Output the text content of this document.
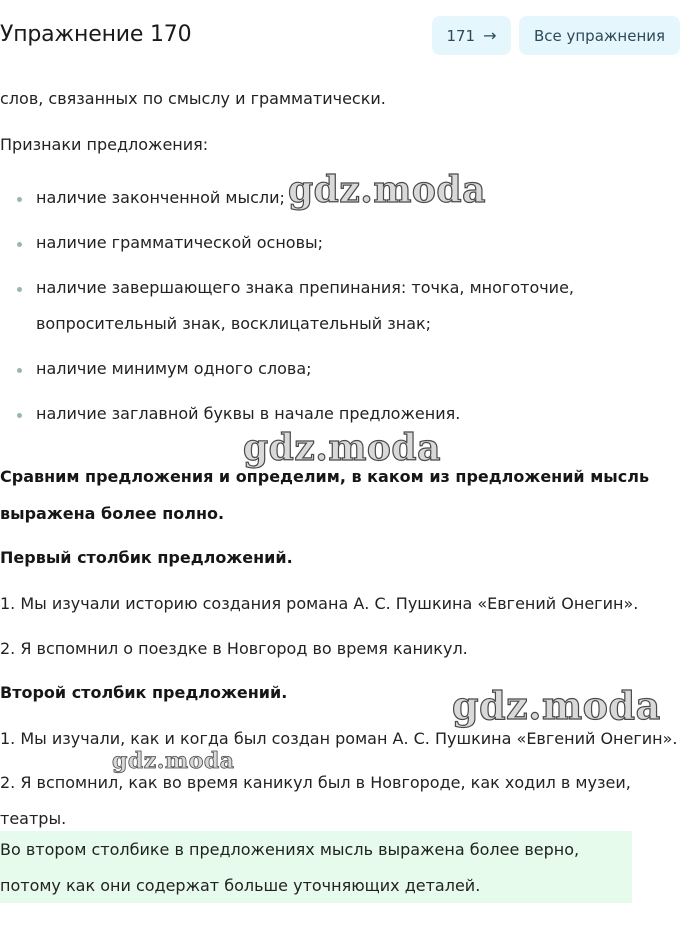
Упражнение 170	171 →	Все упражнения
слов, связанных по смыслу и грамматически.
Признаки предложения:
наличие законченной мысли;
наличие грамматической основы;
наличие завершающего знака препинания: точка, многоточие,
вопросительный знак, восклицательный знак;
наличие минимум одного слова;
наличие заглавной буквы в начале предложения.
Сравним предложения и определим, в каком из предложений мысль
выражена более полно.
Первый столбик предложений.
1. Мы изучали историю создания романа А. С. Пушкина «Евгений Онегин».
2. Я вспомнил о поездке в Новгород во время каникул.
Второй столбик предложений.
1. Мы изучали, как и когда был создан роман А. С. Пушкина «Евгений Онегин».
2. Я вспомнил, как во время каникул был в Новгороде, как ходил в музеи,
театры.
Во втором столбике в предложениях мысль выражена более верно,
потому как они содержат больше уточняющих деталей.
gdz.moda
gdz.moda
gdz.moda
gdz.moda
